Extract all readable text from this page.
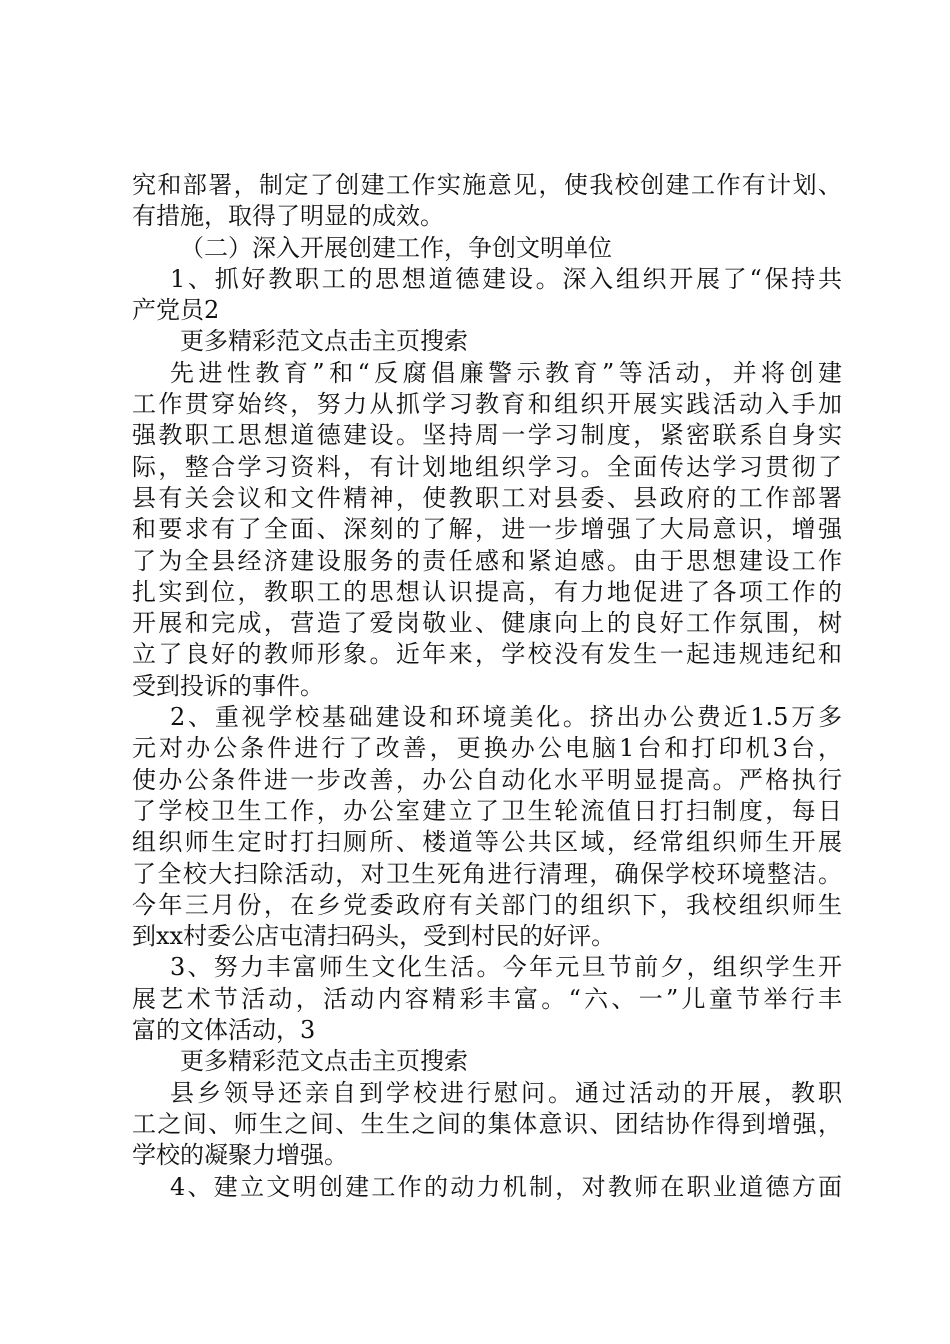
究和部署，制定了创建工作实施意见，使我校创建工作有计划、
有措施，取得了明显的成效。
（二）深入开展创建工作，争创文明单位
1、抓好教职工的思想道德建设。深入组织开展了“保持共
产党员2
更多精彩范文点击主页搜索
先进性教育”和“反腐倡廉警示教育”等活动，并将创建
工作贯穿始终，努力从抓学习教育和组织开展实践活动入手加
强教职工思想道德建设。坚持周一学习制度，紧密联系自身实
际，整合学习资料，有计划地组织学习。全面传达学习贯彻了
县有关会议和文件精神，使教职工对县委、县政府的工作部署
和要求有了全面、深刻的了解，进一步增强了大局意识，增强
了为全县经济建设服务的责任感和紧迫感。由于思想建设工作
扎实到位，教职工的思想认识提高，有力地促进了各项工作的
开展和完成，营造了爱岗敬业、健康向上的良好工作氛围，树
立了良好的教师形象。近年来，学校没有发生一起违规违纪和
受到投诉的事件。
2、重视学校基础建设和环境美化。挤出办公费近1.5万多
元对办公条件进行了改善，更换办公电脑1台和打印机3台，
使办公条件进一步改善，办公自动化水平明显提高。严格执行
了学校卫生工作，办公室建立了卫生轮流值日打扫制度，每日
组织师生定时打扫厕所、楼道等公共区域，经常组织师生开展
了全校大扫除活动，对卫生死角进行清理，确保学校环境整洁。
今年三月份，在乡党委政府有关部门的组织下，我校组织师生
到xx村委公店屯清扫码头，受到村民的好评。
3、努力丰富师生文化生活。今年元旦节前夕，组织学生开
展艺术节活动，活动内容精彩丰富。“六、一”儿童节举行丰
富的文体活动，3
更多精彩范文点击主页搜索
县乡领导还亲自到学校进行慰问。通过活动的开展，教职
工之间、师生之间、生生之间的集体意识、团结协作得到增强，
学校的凝聚力增强。
4、建立文明创建工作的动力机制，对教师在职业道德方面
